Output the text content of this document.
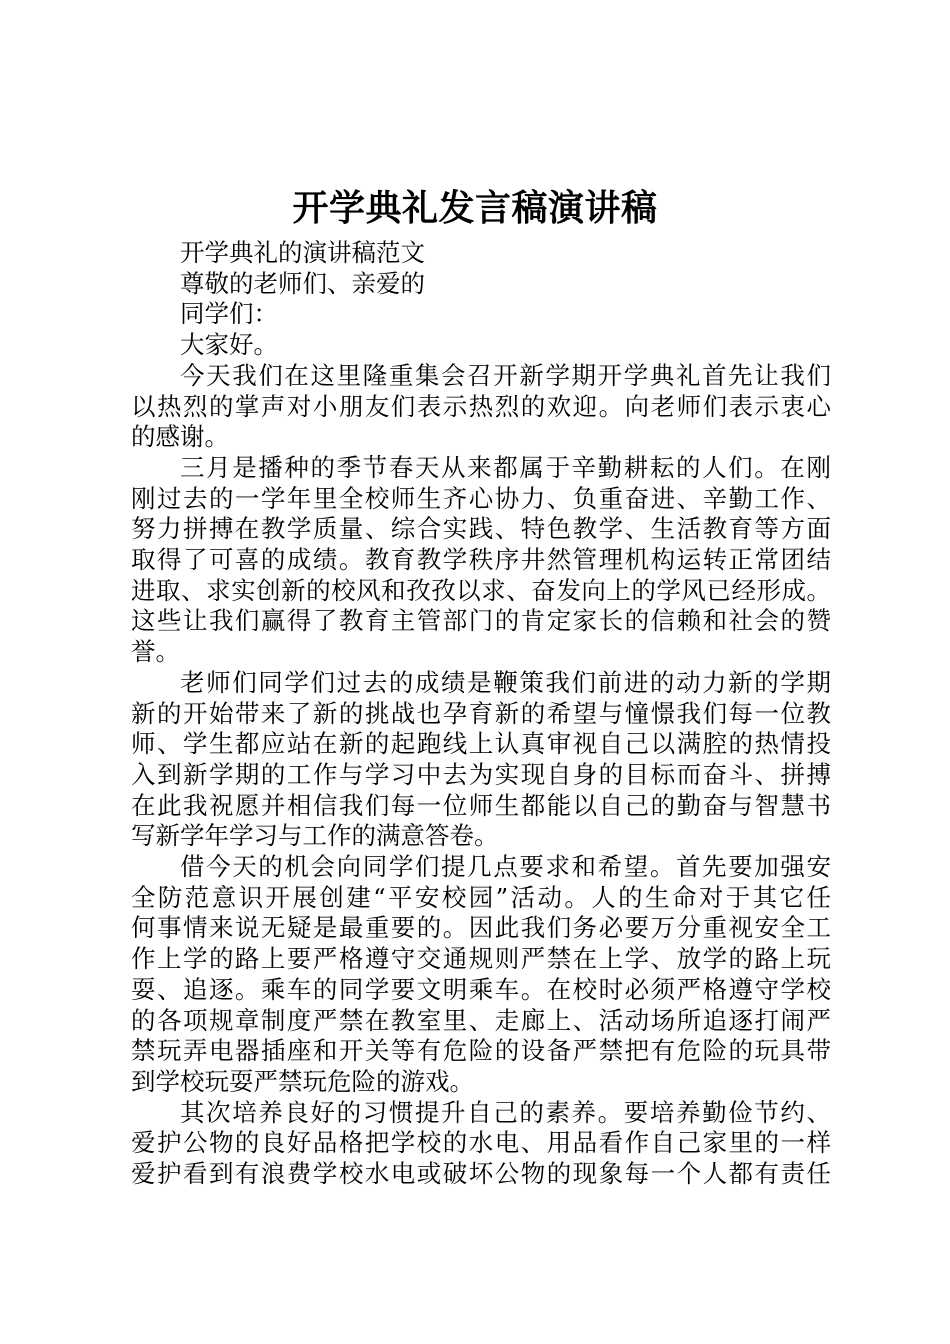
开学典礼发言稿演讲稿
开学典礼的演讲稿范文
尊敬的老师们、亲爱的
同学们：
大家好。
今天我们在这里隆重集会召开新学期开学典礼首先让我们
以热烈的掌声对小朋友们表示热烈的欢迎。向老师们表示衷心
的感谢。
三月是播种的季节春天从来都属于辛勤耕耘的人们。在刚
刚过去的一学年里全校师生齐心协力、负重奋进、辛勤工作、
努力拼搏在教学质量、综合实践、特色教学、生活教育等方面
取得了可喜的成绩。教育教学秩序井然管理机构运转正常团结
进取、求实创新的校风和孜孜以求、奋发向上的学风已经形成。
这些让我们赢得了教育主管部门的肯定家长的信赖和社会的赞
誉。
老师们同学们过去的成绩是鞭策我们前进的动力新的学期
新的开始带来了新的挑战也孕育新的希望与憧憬我们每一位教
师、学生都应站在新的起跑线上认真审视自己以满腔的热情投
入到新学期的工作与学习中去为实现自身的目标而奋斗、拼搏
在此我祝愿并相信我们每一位师生都能以自己的勤奋与智慧书
写新学年学习与工作的满意答卷。
借今天的机会向同学们提几点要求和希望。首先要加强安
全防范意识开展创建“平安校园”活动。人的生命对于其它任
何事情来说无疑是最重要的。因此我们务必要万分重视安全工
作上学的路上要严格遵守交通规则严禁在上学、放学的路上玩
耍、追逐。乘车的同学要文明乘车。在校时必须严格遵守学校
的各项规章制度严禁在教室里、走廊上、活动场所追逐打闹严
禁玩弄电器插座和开关等有危险的设备严禁把有危险的玩具带
到学校玩耍严禁玩危险的游戏。
其次培养良好的习惯提升自己的素养。要培养勤俭节约、
爱护公物的良好品格把学校的水电、用品看作自己家里的一样
爱护看到有浪费学校水电或破坏公物的现象每一个人都有责任
